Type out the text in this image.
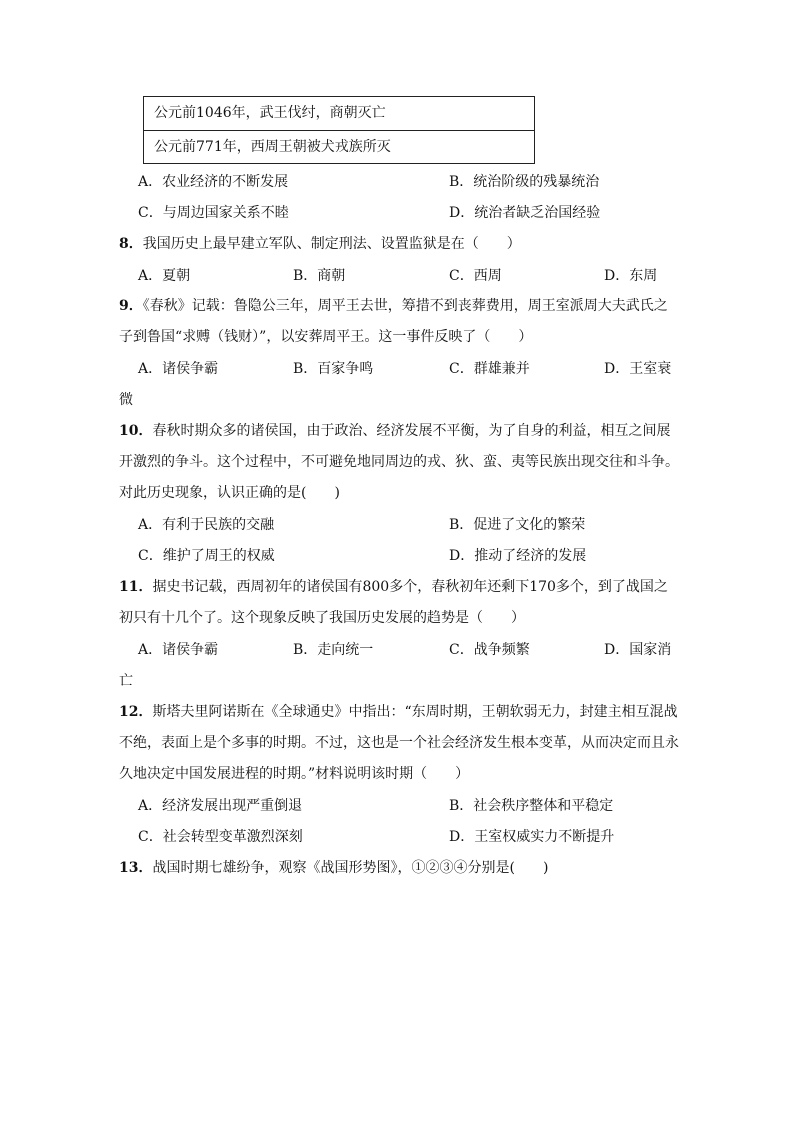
公元前1046年，武王伐纣，商朝灭亡
公元前771年，西周王朝被犬戎族所灭
A．农业经济的不断发展	B．统治阶级的残暴统治
C．与周边国家关系不睦	D．统治者缺乏治国经验
8．我国历史上最早建立军队、制定刑法、设置监狱是在（　　）
A．夏朝	B．商朝	C．西周	D．东周
9．《春秋》记载：鲁隐公三年，周平王去世，筹措不到丧葬费用，周王室派周大夫武氏之子到鲁国“求赙（钱财）”，以安葬周平王。这一事件反映了（　　）
A．诸侯争霸	B．百家争鸣	C．群雄兼并	D．王室衰
微
10．春秋时期众多的诸侯国，由于政治、经济发展不平衡，为了自身的利益，相互之间展开激烈的争斗。这个过程中，不可避免地同周边的戎、狄、蛮、夷等民族出现交往和斗争。对此历史现象，认识正确的是(　　)
A．有利于民族的交融	B．促进了文化的繁荣
C．维护了周王的权威	D．推动了经济的发展
11．据史书记载，西周初年的诸侯国有800多个，春秋初年还剩下170多个，到了战国之初只有十几个了。这个现象反映了我国历史发展的趋势是（　　）
A．诸侯争霸	B．走向统一	C．战争频繁	D．国家消
亡
12．斯塔夫里阿诺斯在《全球通史》中指出：“东周时期，王朝软弱无力，封建主相互混战不绝，表面上是个多事的时期。不过，这也是一个社会经济发生根本变革，从而决定而且永久地决定中国发展进程的时期。”材料说明该时期（　　）
A．经济发展出现严重倒退	B．社会秩序整体和平稳定
C．社会转型变革激烈深刻	D．王室权威实力不断提升
13．战国时期七雄纷争，观察《战国形势图》，①②③④分别是(　　)
